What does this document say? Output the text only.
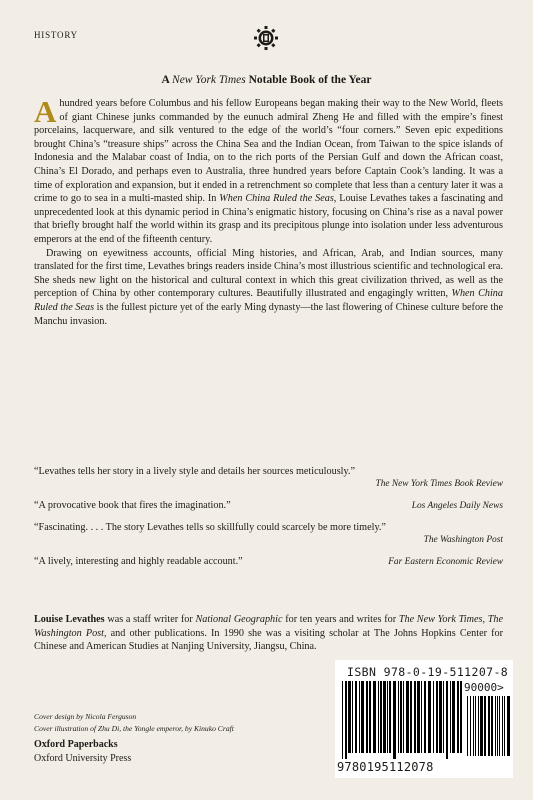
HISTORY
A New York Times Notable Book of the Year

A hundred years before Columbus and his fellow Europeans began making their way to the New World, fleets of giant Chinese junks commanded by the eunuch admiral Zheng He and filled with the empire’s finest porcelains, lacquerware, and silk ventured to the edge of the world’s “four corners.” Seven epic expeditions brought China’s “treasure ships” across the China Sea and the Indian Ocean, from Taiwan to the spice islands of Indonesia and the Malabar coast of India, on to the rich ports of the Persian Gulf and down the African coast, China’s El Dorado, and perhaps even to Australia, three hundred years before Captain Cook’s landing. It was a time of exploration and expansion, but it ended in a retrenchment so complete that less than a century later it was a crime to go to sea in a multi-masted ship. In When China Ruled the Seas, Louise Levathes takes a fascinating and unprecedented look at this dynamic period in China’s enigmatic history, focusing on China’s rise as a naval power that briefly brought half the world within its grasp and its precipitous plunge into isolation under less adventurous emperors at the end of the fifteenth century.

Drawing on eyewitness accounts, official Ming histories, and African, Arab, and Indian sources, many translated for the first time, Levathes brings readers inside China’s most illustrious scientific and technological era. She sheds new light on the historical and cultural context in which this great civilization thrived, as well as the perception of China by other contemporary cultures. Beautifully illustrated and engagingly written, When China Ruled the Seas is the fullest picture yet of the early Ming dynasty—the last flowering of Chinese culture before the Manchu invasion.

“Levathes tells her story in a lively style and details her sources meticulously.”
The New York Times Book Review
“A provocative book that fires the imagination.”	Los Angeles Daily News
“Fascinating. . . . The story Levathes tells so skillfully could scarcely be more timely.”
The Washington Post
“A lively, interesting and highly readable account.”	Far Eastern Economic Review
Louise Levathes was a staff writer for National Geographic for ten years and writes for The New York Times, The Washington Post, and other publications. In 1990 she was a visiting scholar at The Johns Hopkins Center for Chinese and American Studies at Nanjing University, Jiangsu, China.
Cover design by Nicola Ferguson
Cover illustration of Zhu Di, the Yongle emperor, by Kinuko Craft
Oxford Paperbacks
Oxford University Press
ISBN 978-0-19-511207-8
90000>
9780195112078
